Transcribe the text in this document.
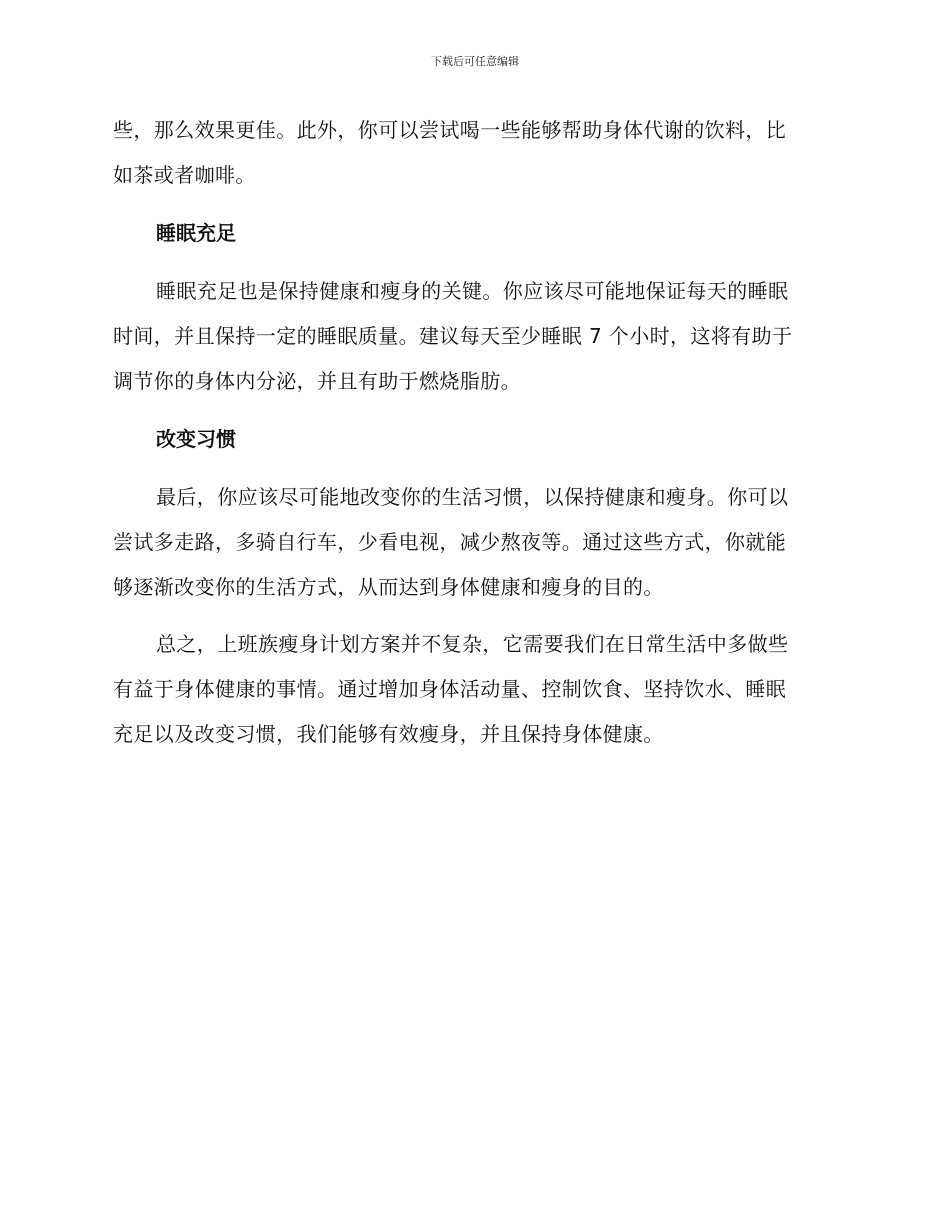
下载后可任意编辑

些，那么效果更佳。此外，你可以尝试喝一些能够帮助身体代谢的饮料，比

如茶或者咖啡。

睡眠充足

睡眠充足也是保持健康和瘦身的关键。你应该尽可能地保证每天的睡眠

时间，并且保持一定的睡眠质量。建议每天至少睡眠 7 个小时，这将有助于

调节你的身体内分泌，并且有助于燃烧脂肪。

改变习惯

最后，你应该尽可能地改变你的生活习惯，以保持健康和瘦身。你可以

尝试多走路，多骑自行车，少看电视，减少熬夜等。通过这些方式，你就能

够逐渐改变你的生活方式，从而达到身体健康和瘦身的目的。

总之，上班族瘦身计划方案并不复杂，它需要我们在日常生活中多做些

有益于身体健康的事情。通过增加身体活动量、控制饮食、坚持饮水、睡眠

充足以及改变习惯，我们能够有效瘦身，并且保持身体健康。
